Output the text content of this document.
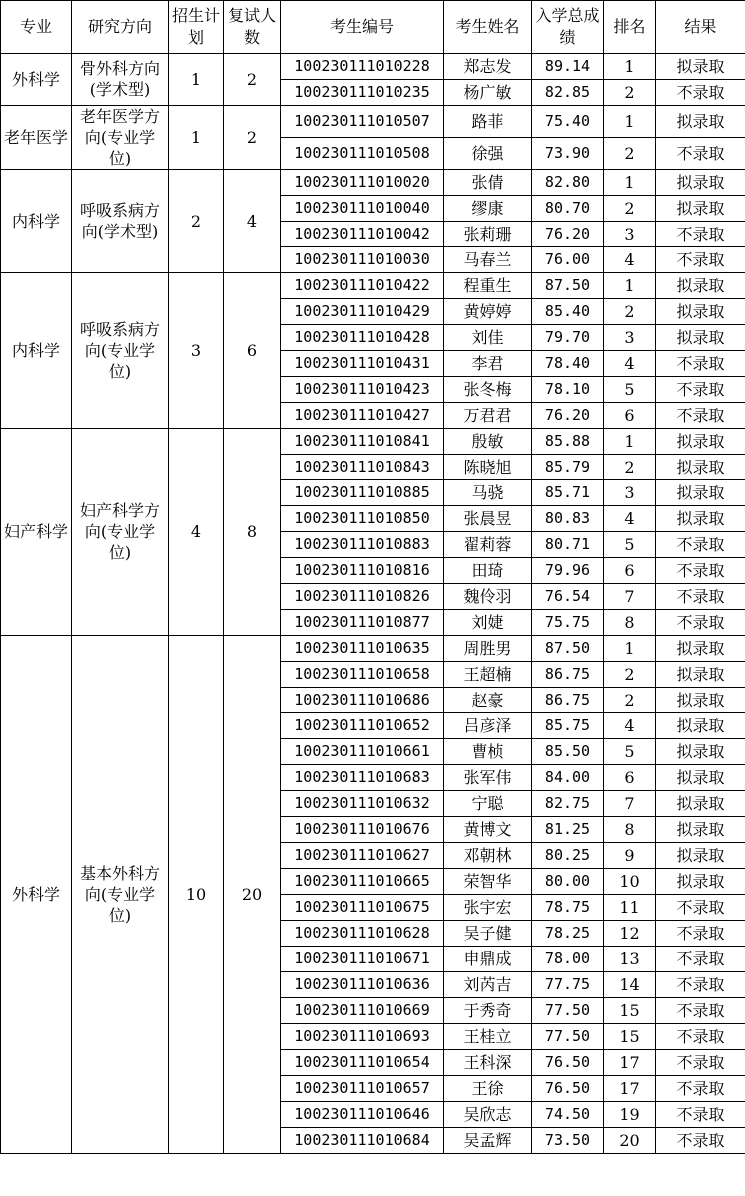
专业	研究方向	招生计划	复试人数	考生编号	考生姓名	入学总成绩	排名	结果
外科学	骨外科方向(学术型)	1	2	100230111010228	郑志发	89.14	1	拟录取
				100230111010235	杨广敏	82.85	2	不录取
老年医学	老年医学方向(专业学位)	1	2	100230111010507	路菲	75.40	1	拟录取
				100230111010508	徐强	73.90	2	不录取
内科学	呼吸系病方向(学术型)	2	4	100230111010020	张倩	82.80	1	拟录取
				100230111010040	缪康	80.70	2	拟录取
				100230111010042	张莉珊	76.20	3	不录取
				100230111010030	马春兰	76.00	4	不录取
内科学	呼吸系病方向(专业学位)	3	6	100230111010422	程重生	87.50	1	拟录取
				100230111010429	黄婷婷	85.40	2	拟录取
				100230111010428	刘佳	79.70	3	拟录取
				100230111010431	李君	78.40	4	不录取
				100230111010423	张冬梅	78.10	5	不录取
				100230111010427	万君君	76.20	6	不录取
妇产科学	妇产科学方向(专业学位)	4	8	100230111010841	殷敏	85.88	1	拟录取
				100230111010843	陈晓旭	85.79	2	拟录取
				100230111010885	马骁	85.71	3	拟录取
				100230111010850	张晨昱	80.83	4	拟录取
				100230111010883	翟莉蓉	80.71	5	不录取
				100230111010816	田琦	79.96	6	不录取
				100230111010826	魏伶羽	76.54	7	不录取
				100230111010877	刘婕	75.75	8	不录取
外科学	基本外科方向(专业学位)	10	20	100230111010635	周胜男	87.50	1	拟录取
				100230111010658	王超楠	86.75	2	拟录取
				100230111010686	赵豪	86.75	2	拟录取
				100230111010652	吕彦泽	85.75	4	拟录取
				100230111010661	曹桢	85.50	5	拟录取
				100230111010683	张军伟	84.00	6	拟录取
				100230111010632	宁聪	82.75	7	拟录取
				100230111010676	黄博文	81.25	8	拟录取
				100230111010627	邓朝林	80.25	9	拟录取
				100230111010665	荣智华	80.00	10	拟录取
				100230111010675	张宇宏	78.75	11	不录取
				100230111010628	吴子健	78.25	12	不录取
				100230111010671	申鼎成	78.00	13	不录取
				100230111010636	刘芮吉	77.75	14	不录取
				100230111010669	于秀奇	77.50	15	不录取
				100230111010693	王桂立	77.50	15	不录取
				100230111010654	王科深	76.50	17	不录取
				100230111010657	王徐	76.50	17	不录取
				100230111010646	吴欣志	74.50	19	不录取
				100230111010684	吴孟辉	73.50	20	不录取
